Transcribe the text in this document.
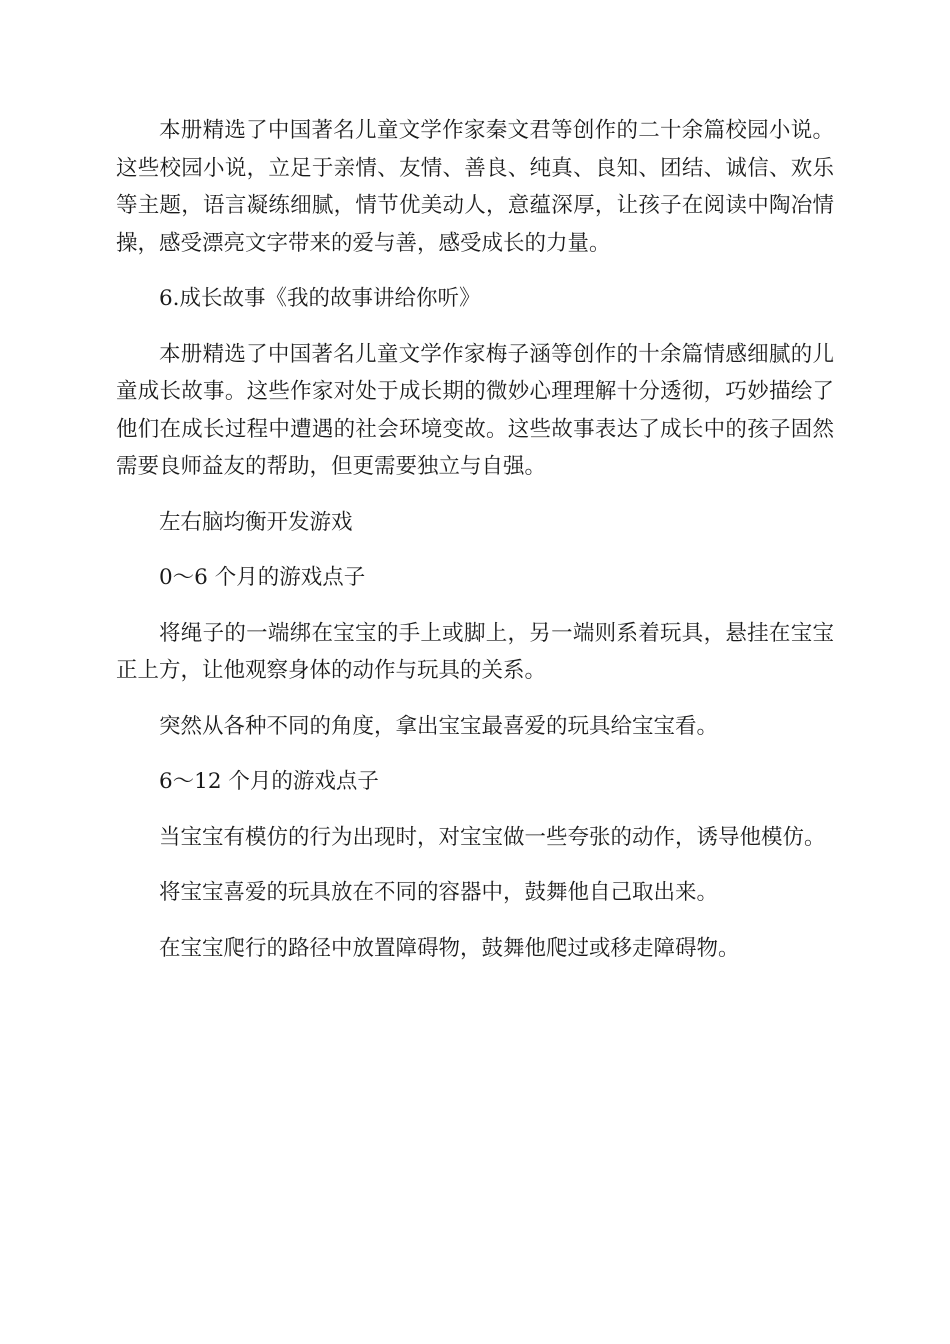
本册精选了中国著名儿童文学作家秦文君等创作的二十余篇校园小说。这些校园小说，立足于亲情、友情、善良、纯真、良知、团结、诚信、欢乐等主题，语言凝练细腻，情节优美动人，意蕴深厚，让孩子在阅读中陶冶情操，感受漂亮文字带来的爱与善，感受成长的力量。

6.成长故事《我的故事讲给你听》

本册精选了中国著名儿童文学作家梅子涵等创作的十余篇情感细腻的儿童成长故事。这些作家对处于成长期的微妙心理理解十分透彻，巧妙描绘了他们在成长过程中遭遇的社会环境变故。这些故事表达了成长中的孩子固然需要良师益友的帮助，但更需要独立与自强。

左右脑均衡开发游戏

0～6 个月的游戏点子

将绳子的一端绑在宝宝的手上或脚上，另一端则系着玩具，悬挂在宝宝正上方，让他观察身体的动作与玩具的关系。

突然从各种不同的角度，拿出宝宝最喜爱的玩具给宝宝看。

6～12 个月的游戏点子

当宝宝有模仿的行为出现时，对宝宝做一些夸张的动作，诱导他模仿。

将宝宝喜爱的玩具放在不同的容器中，鼓舞他自己取出来。

在宝宝爬行的路径中放置障碍物，鼓舞他爬过或移走障碍物。
